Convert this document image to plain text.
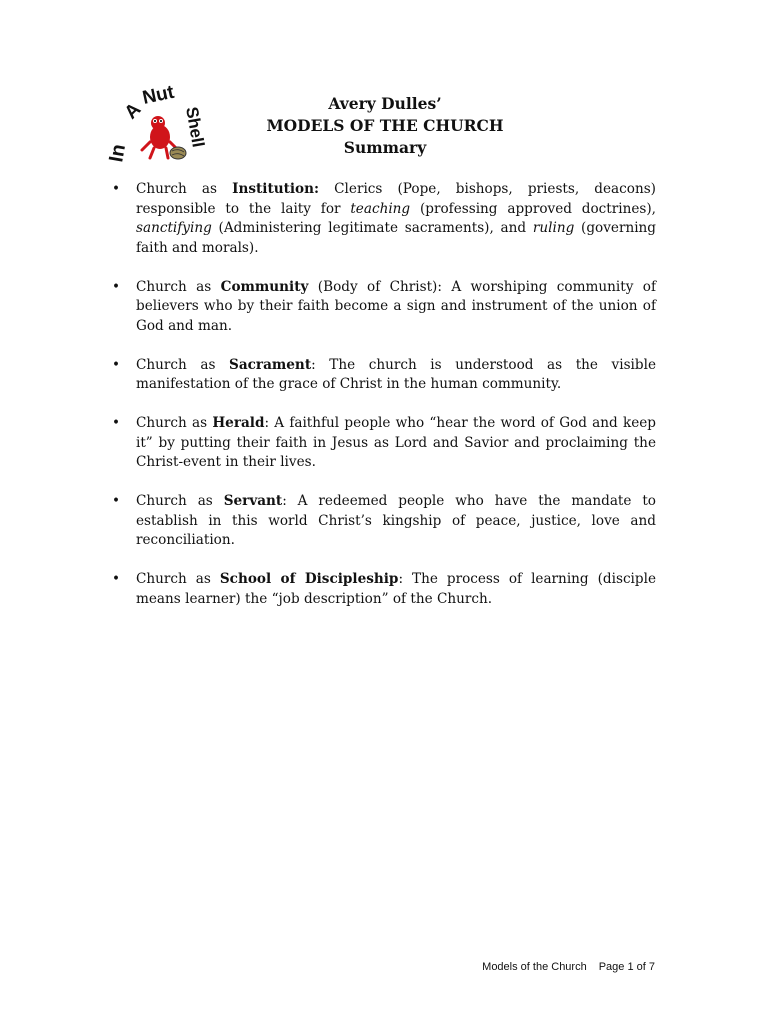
In
A
Nut
Shell
Avery Dulles’
MODELS OF THE CHURCH
Summary
• Church as Institution: Clerics (Pope, bishops, priests, deacons) responsible to the laity for teaching (professing approved doctrines), sanctifying (Administering legitimate sacraments), and ruling (governing faith and morals).
• Church as Community (Body of Christ): A worshiping community of believers who by their faith become a sign and instrument of the union of God and man.
• Church as Sacrament: The church is understood as the visible manifestation of the grace of Christ in the human community.
• Church as Herald: A faithful people who “hear the word of God and keep it” by putting their faith in Jesus as Lord and Savior and proclaiming the Christ-event in their lives.
• Church as Servant: A redeemed people who have the mandate to establish in this world Christ’s kingship of peace, justice, love and reconciliation.
• Church as School of Discipleship: The process of learning (disciple means learner) the “job description” of the Church.
Models of the Church Page 1 of 7
